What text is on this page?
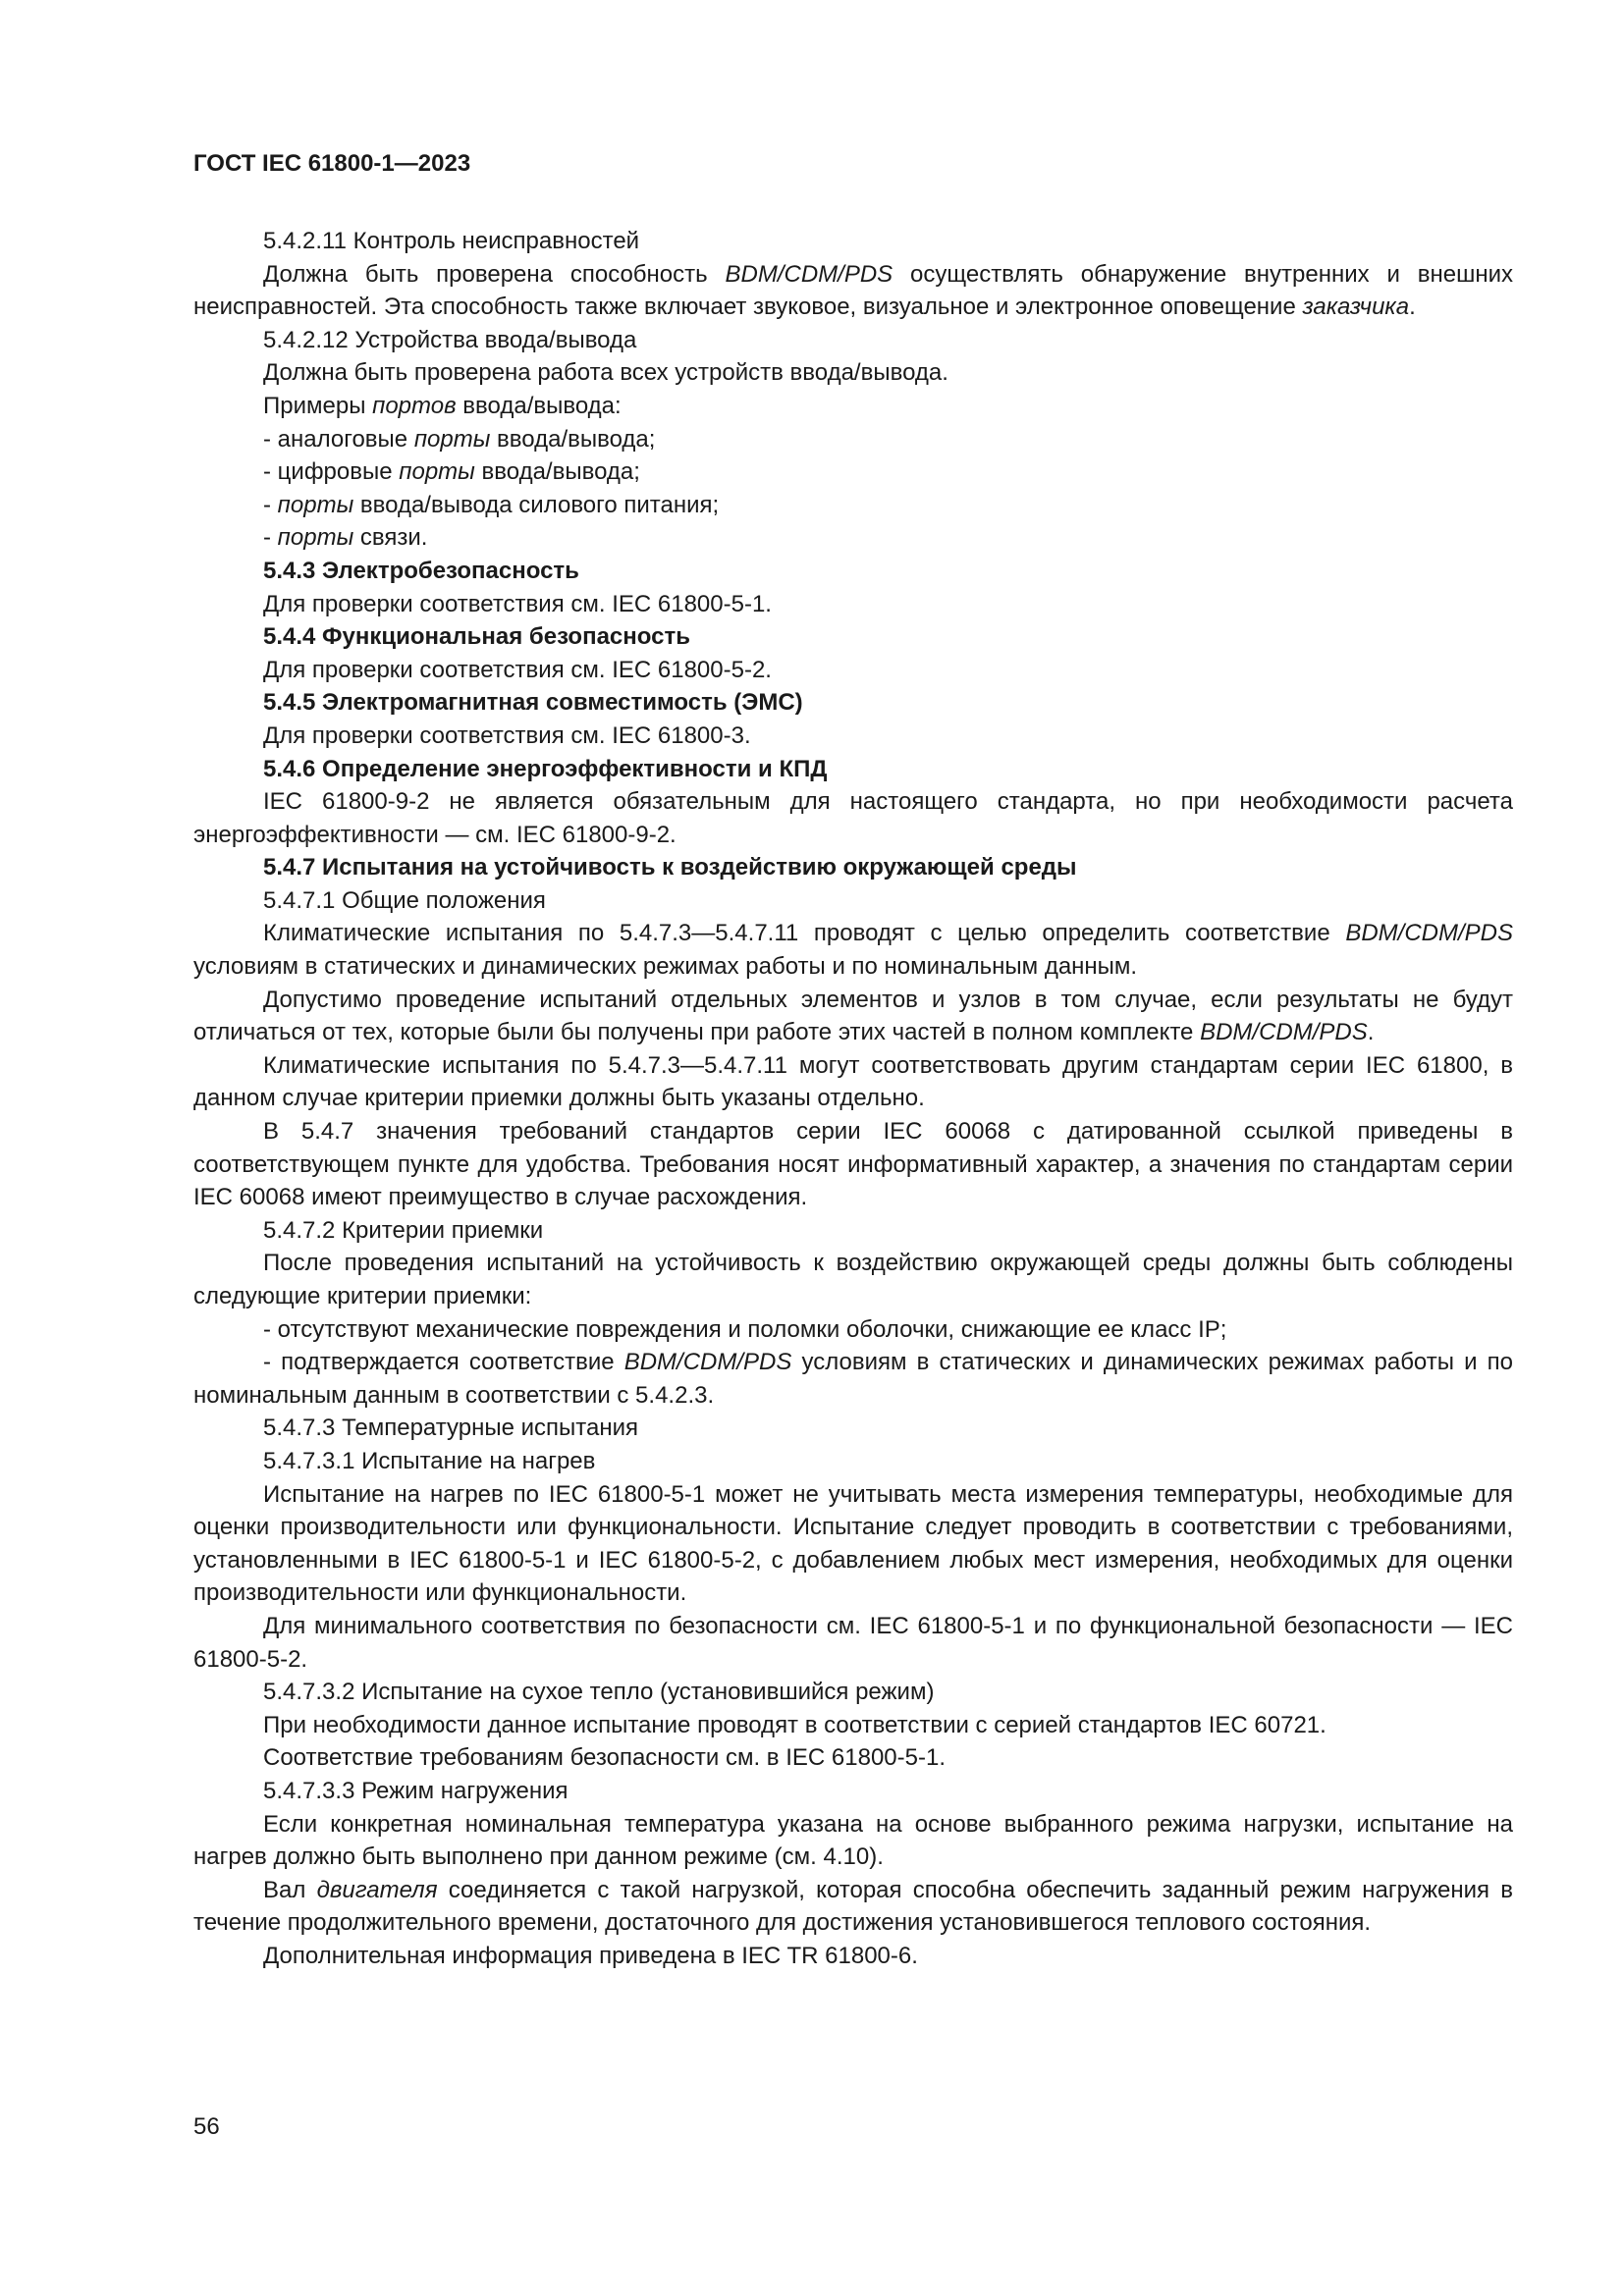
ГОСТ IEC 61800-1—2023

5.4.2.11 Контроль неисправностей

Должна быть проверена способность BDM/CDM/PDS осуществлять обнаружение внутренних и внешних неисправностей. Эта способность также включает звуковое, визуальное и электронное оповещение заказчика.

5.4.2.12 Устройства ввода/вывода

Должна быть проверена работа всех устройств ввода/вывода.

Примеры портов ввода/вывода:

- аналоговые порты ввода/вывода;

- цифровые порты ввода/вывода;

- порты ввода/вывода силового питания;

- порты связи.

5.4.3 Электробезопасность

Для проверки соответствия см. IEC 61800-5-1.

5.4.4 Функциональная безопасность

Для проверки соответствия см. IEC 61800-5-2.

5.4.5 Электромагнитная совместимость (ЭМС)

Для проверки соответствия см. IEC 61800-3.

5.4.6 Определение энергоэффективности и КПД

IEC 61800-9-2 не является обязательным для настоящего стандарта, но при необходимости расчета энергоэффективности — см. IEC 61800-9-2.

5.4.7 Испытания на устойчивость к воздействию окружающей среды

5.4.7.1 Общие положения

Климатические испытания по 5.4.7.3—5.4.7.11 проводят с целью определить соответствие BDM/CDM/PDS условиям в статических и динамических режимах работы и по номинальным данным.

Допустимо проведение испытаний отдельных элементов и узлов в том случае, если результаты не будут отличаться от тех, которые были бы получены при работе этих частей в полном комплекте BDM/CDM/PDS.

Климатические испытания по 5.4.7.3—5.4.7.11 могут соответствовать другим стандартам серии IEC 61800, в данном случае критерии приемки должны быть указаны отдельно.

В 5.4.7 значения требований стандартов серии IEC 60068 с датированной ссылкой приведены в соответствующем пункте для удобства. Требования носят информативный характер, а значения по стандартам серии IEC 60068 имеют преимущество в случае расхождения.

5.4.7.2 Критерии приемки

После проведения испытаний на устойчивость к воздействию окружающей среды должны быть соблюдены следующие критерии приемки:

- отсутствуют механические повреждения и поломки оболочки, снижающие ее класс IP;

- подтверждается соответствие BDM/CDM/PDS условиям в статических и динамических режимах работы и по номинальным данным в соответствии с 5.4.2.3.

5.4.7.3 Температурные испытания

5.4.7.3.1 Испытание на нагрев

Испытание на нагрев по IEC 61800-5-1 может не учитывать места измерения температуры, необходимые для оценки производительности или функциональности. Испытание следует проводить в соответствии с требованиями, установленными в IEC 61800-5-1 и IEC 61800-5-2, с добавлением любых мест измерения, необходимых для оценки производительности или функциональности.

Для минимального соответствия по безопасности см. IEC 61800-5-1 и по функциональной безопасности — IEC 61800-5-2.

5.4.7.3.2 Испытание на сухое тепло (установившийся режим)

При необходимости данное испытание проводят в соответствии с серией стандартов IEC 60721.

Соответствие требованиям безопасности см. в IEC 61800-5-1.

5.4.7.3.3 Режим нагружения

Если конкретная номинальная температура указана на основе выбранного режима нагрузки, испытание на нагрев должно быть выполнено при данном режиме (см. 4.10).

Вал двигателя соединяется с такой нагрузкой, которая способна обеспечить заданный режим нагружения в течение продолжительного времени, достаточного для достижения установившегося теплового состояния.

Дополнительная информация приведена в IEC TR 61800-6.

56
